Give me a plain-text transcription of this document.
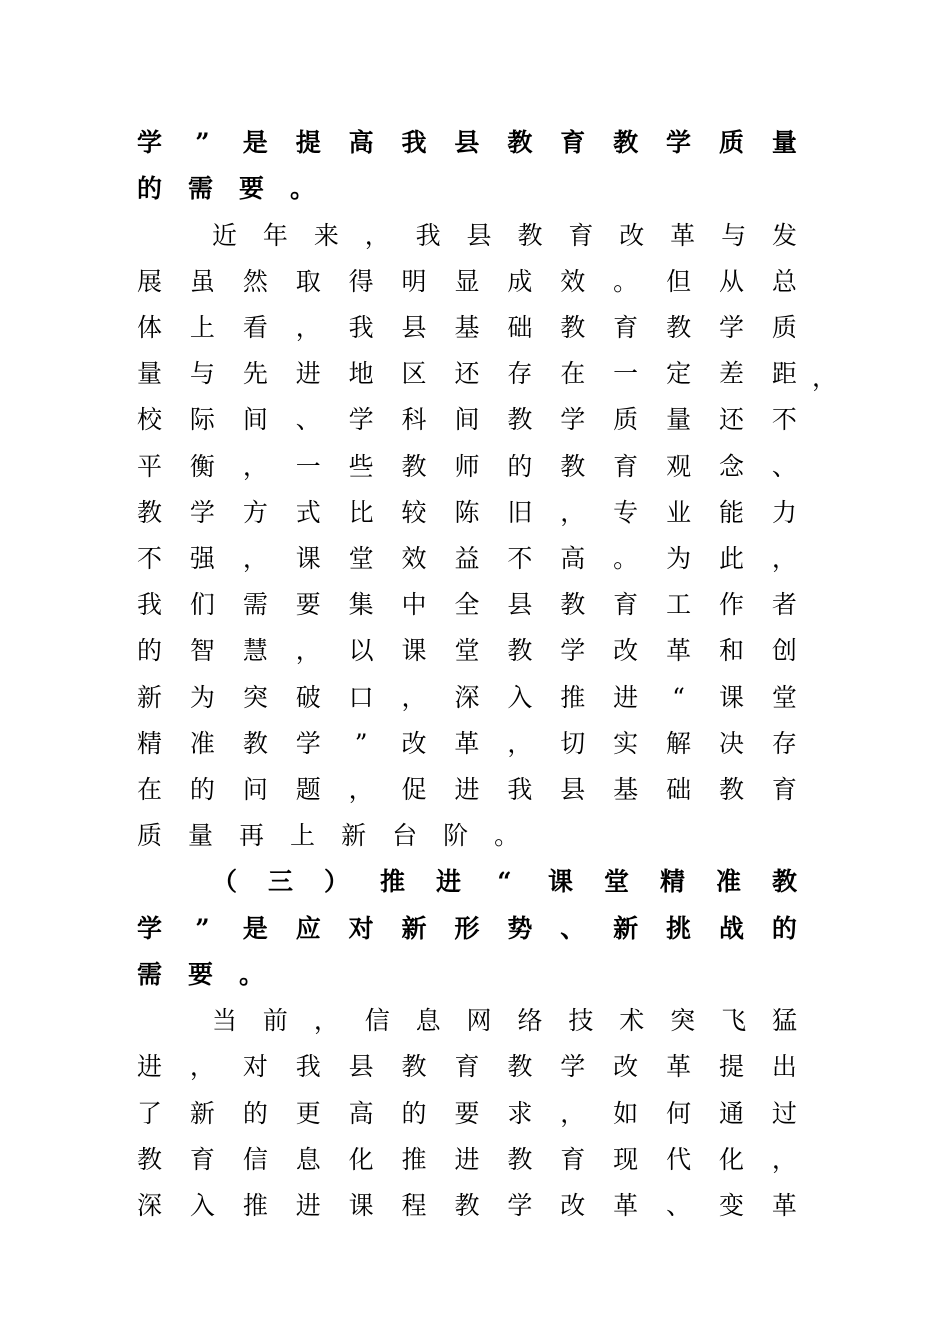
学 ” 是 提 高 我 县 教 育 教 学 质 量
的 需 要 。
近 年 来 ， 我 县 教 育 改 革 与 发
展 虽 然 取 得 明 显 成 效 。 但 从 总
体 上 看 ， 我 县 基 础 教 育 教 学 质
量 与 先 进 地 区 还 存 在 一 定 差 距
校 际 间 、 学 科 间 教 学 质 量 还 不
平 衡 ， 一 些 教 师 的 教 育 观 念 、
教 学 方 式 比 较 陈 旧 ， 专 业 能 力
不 强 ， 课 堂 效 益 不 高 。 为 此 ，
我 们 需 要 集 中 全 县 教 育 工 作 者
的 智 慧 ， 以 课 堂 教 学 改 革 和 创
新 为 突 破 口 ， 深 入 推 进 “ 课 堂
精 准 教 学 ” 改 革 ， 切 实 解 决 存
在 的 问 题 ， 促 进 我 县 基 础 教 育
质 量 再 上 新 台 阶 。
（ 三 ） 推 进 “ 课 堂 精 准 教
学 ” 是 应 对 新 形 势 、 新 挑 战 的
需 要 。
当 前 ， 信 息 网 络 技 术 突 飞 猛
进 ， 对 我 县 教 育 教 学 改 革 提 出
了 新 的 更 高 的 要 求 ， 如 何 通 过
教 育 信 息 化 推 进 教 育 现 代 化 ，
深 入 推 进 课 程 教 学 改 革 、 变 革
，
